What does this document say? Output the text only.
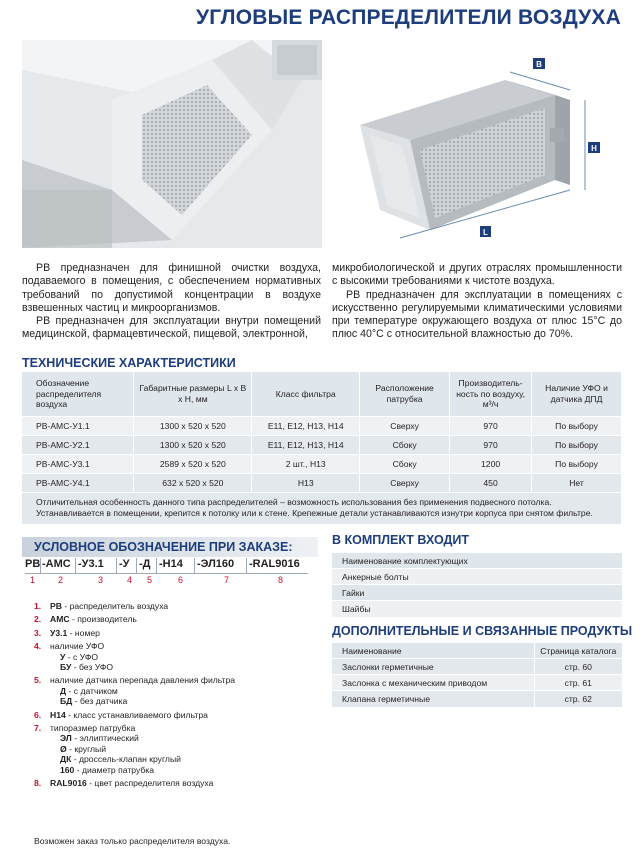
УГЛОВЫЕ РАСПРЕДЕЛИТЕЛИ ВОЗДУХА
B
H
L

РВ предназначен для финишной очистки воздуха, подаваемого в помещения, с обеспечением нормативных требований по допустимой концентрации в воздухе взвешенных частиц и микроорганизмов.

РВ предназначен для эксплуатации внутри помещений медицинской, фармацевтической, пищевой, электронной,

микробиологической и других отраслях промышленности с высокими требованиями к чистоте воздуха.

РВ предназначен для эксплуатации в помещениях с искусственно регулируемыми климатическими условиями при температуре окружающего воздуха от плюс 15°С до плюс 40°С с относительной влажностью до 70%.

ТЕХНИЧЕСКИЕ ХАРАКТЕРИСТИКИ
Обозначение распределителя воздуха	Габаритные размеры L x B x H, мм	Класс фильтра	Расположение патрубка	Производитель-ность по воздуху, м³/ч	Наличие УФО и датчика ДПД
РВ-АМС-У1.1	1300 x 520 x 520	E11, E12, H13, H14	Сверху	970	По выбору
РВ-АМС-У2.1	1300 x 520 x 520	E11, E12, H13, H14	Сбоку	970	По выбору
РВ-АМС-У3.1	2589 x 520 x 520	2 шт., H13	Сбоку	1200	По выбору
РВ-АМС-У4.1	632 x 520 x 520	H13	Сверху	450	Нет
Отличительная особенность данного типа распределителей – возможность использования без применения подвесного потолка. Устанавливается в помещении, крепится к потолку или к стене. Крепежные детали устанавливаются изнутри корпуса при снятом фильтре.					
УСЛОВНОЕ ОБОЗНАЧЕНИЕ ПРИ ЗАКАЗЕ:
РВ -АМС -У3.1	-У -Д -Н14	-ЭЛ160	-RAL9016
1	2	3	4 5	6	7	8
1.	РВ - распределитель воздуха
2.	АМС - производитель
3.	У3.1 - номер
4.	наличие УФО
У - с УФО
БУ - без УФО
5.	наличие датчика перепада давления фильтра
Д - с датчиком
БД - без датчика
6.	Н14 - класс устанавливаемого фильтра
7.	типоразмер патрубка
ЭЛ - эллиптический
Ø - круглый
ДК - дроссель-клапан круглый
160 - диаметр патрубка
8.	RAL9016 - цвет распределителя воздуха
Возможен заказ только распределителя воздуха.
В КОМПЛЕКТ ВХОДИТ
Наименование комплектующих
Анкерные болты
Гайки
Шайбы
ДОПОЛНИТЕЛЬНЫЕ И СВЯЗАННЫЕ ПРОДУКТЫ
Наименование	Страница каталога
Заслонки герметичные	стр. 60
Заслонка с механическим приводом	стр. 61
Клапана герметичные	стр. 62
